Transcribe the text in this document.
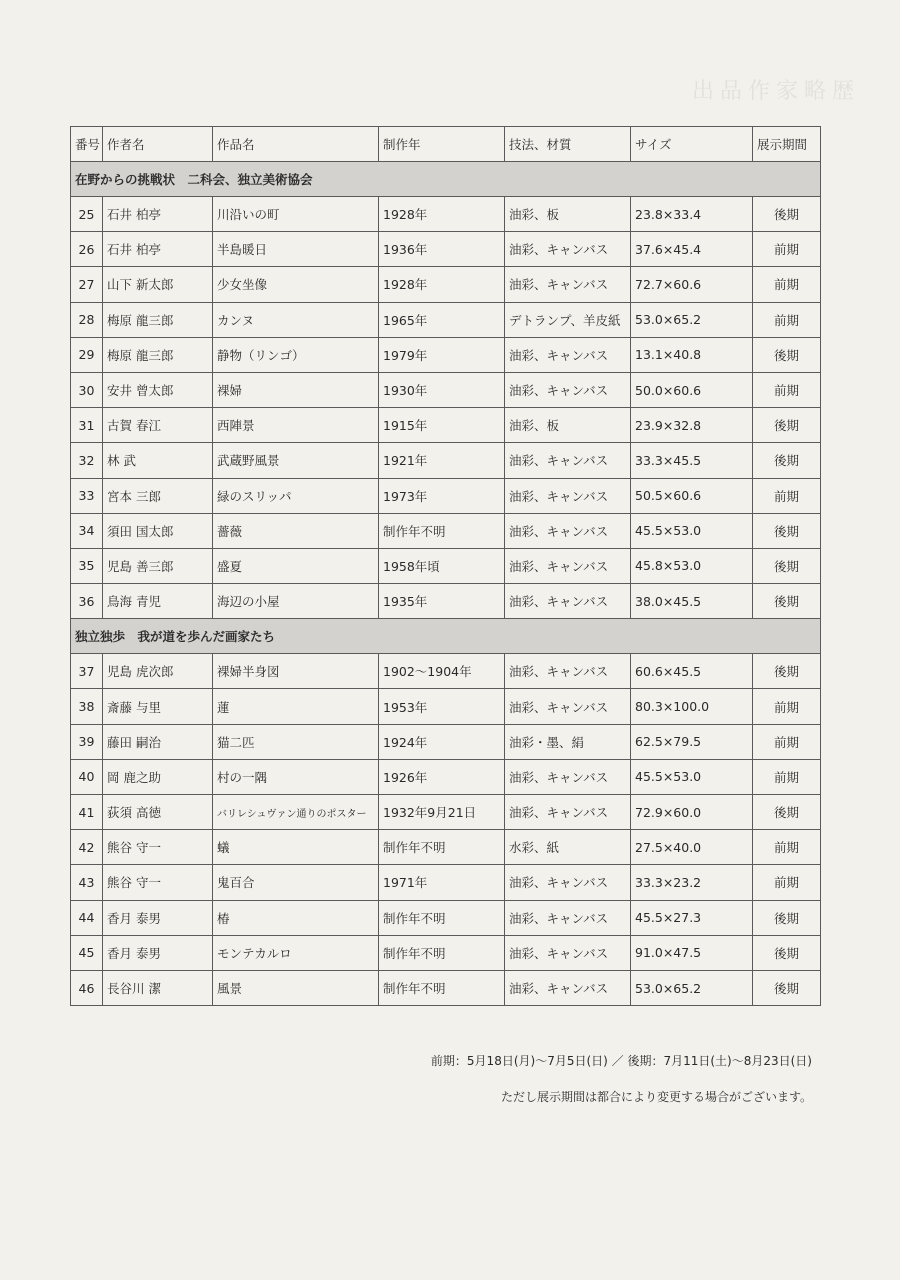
出品作家略歴
番号	作者名	作品名	制作年	技法、材質	サイズ	展示期間
在野からの挑戦状　二科会、独立美術協会						
25	石井 柏亭	川沿いの町	1928年	油彩、板	23.8×33.4	後期
26	石井 柏亭	半島暖日	1936年	油彩、キャンバス	37.6×45.4	前期
27	山下 新太郎	少女坐像	1928年	油彩、キャンバス	72.7×60.6	前期
28	梅原 龍三郎	カンヌ	1965年	デトランプ、羊皮紙	53.0×65.2	前期
29	梅原 龍三郎	静物（リンゴ）	1979年	油彩、キャンバス	13.1×40.8	後期
30	安井 曾太郎	裸婦	1930年	油彩、キャンバス	50.0×60.6	前期
31	古賀 春江	西陣景	1915年	油彩、板	23.9×32.8	後期
32	林 武	武蔵野風景	1921年	油彩、キャンバス	33.3×45.5	後期
33	宮本 三郎	緑のスリッパ	1973年	油彩、キャンバス	50.5×60.6	前期
34	須田 国太郎	薔薇	制作年不明	油彩、キャンバス	45.5×53.0	後期
35	児島 善三郎	盛夏	1958年頃	油彩、キャンバス	45.8×53.0	後期
36	鳥海 青児	海辺の小屋	1935年	油彩、キャンバス	38.0×45.5	後期
独立独歩　我が道を歩んだ画家たち						
37	児島 虎次郎	裸婦半身図	1902～1904年	油彩、キャンバス	60.6×45.5	後期
38	斎藤 与里	蓮	1953年	油彩、キャンバス	80.3×100.0	前期
39	藤田 嗣治	猫二匹	1924年	油彩・墨、絹	62.5×79.5	前期
40	岡 鹿之助	村の一隅	1926年	油彩、キャンバス	45.5×53.0	前期
41	荻須 高徳	バリレシュヴァン通りのポスター	1932年9月21日	油彩、キャンバス	72.9×60.0	後期
42	熊谷 守一	蟻	制作年不明	水彩、紙	27.5×40.0	前期
43	熊谷 守一	鬼百合	1971年	油彩、キャンバス	33.3×23.2	前期
44	香月 泰男	椿	制作年不明	油彩、キャンバス	45.5×27.3	後期
45	香月 泰男	モンテカルロ	制作年不明	油彩、キャンバス	91.0×47.5	後期
46	長谷川 潔	風景	制作年不明	油彩、キャンバス	53.0×65.2	後期
前期：5月18日(月)～7月5日(日) ／ 後期：7月11日(土)～8月23日(日)
ただし展示期間は都合により変更する場合がございます。
